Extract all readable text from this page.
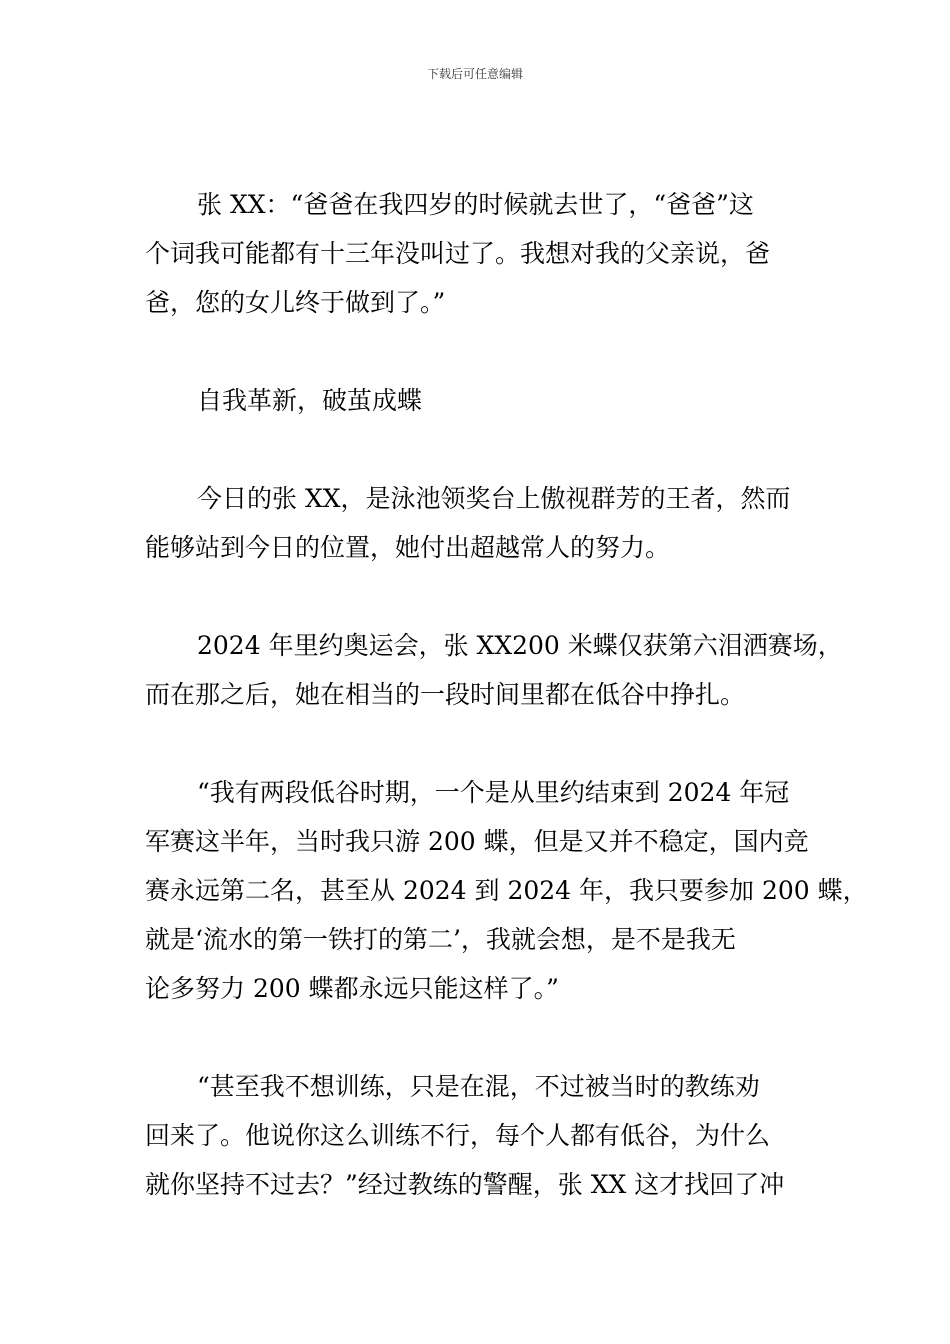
下载后可任意编辑
张 XX：“爸爸在我四岁的时候就去世了，“爸爸”这
个词我可能都有十三年没叫过了。我想对我的父亲说，爸
爸，您的女儿终于做到了。”
自我革新，破茧成蝶
今日的张 XX，是泳池领奖台上傲视群芳的王者，然而
能够站到今日的位置，她付出超越常人的努力。
2024 年里约奥运会，张 XX200 米蝶仅获第六泪洒赛场，
而在那之后，她在相当的一段时间里都在低谷中挣扎。
“我有两段低谷时期，一个是从里约结束到 2024 年冠
军赛这半年，当时我只游 200 蝶，但是又并不稳定，国内竞
赛永远第二名，甚至从 2024 到 2024 年，我只要参加 200 蝶，
就是‘流水的第一铁打的第二’，我就会想，是不是我无
论多努力 200 蝶都永远只能这样了。”
“甚至我不想训练，只是在混，不过被当时的教练劝
回来了。他说你这么训练不行，每个人都有低谷，为什么
就你坚持不过去？”经过教练的警醒，张 XX 这才找回了冲
